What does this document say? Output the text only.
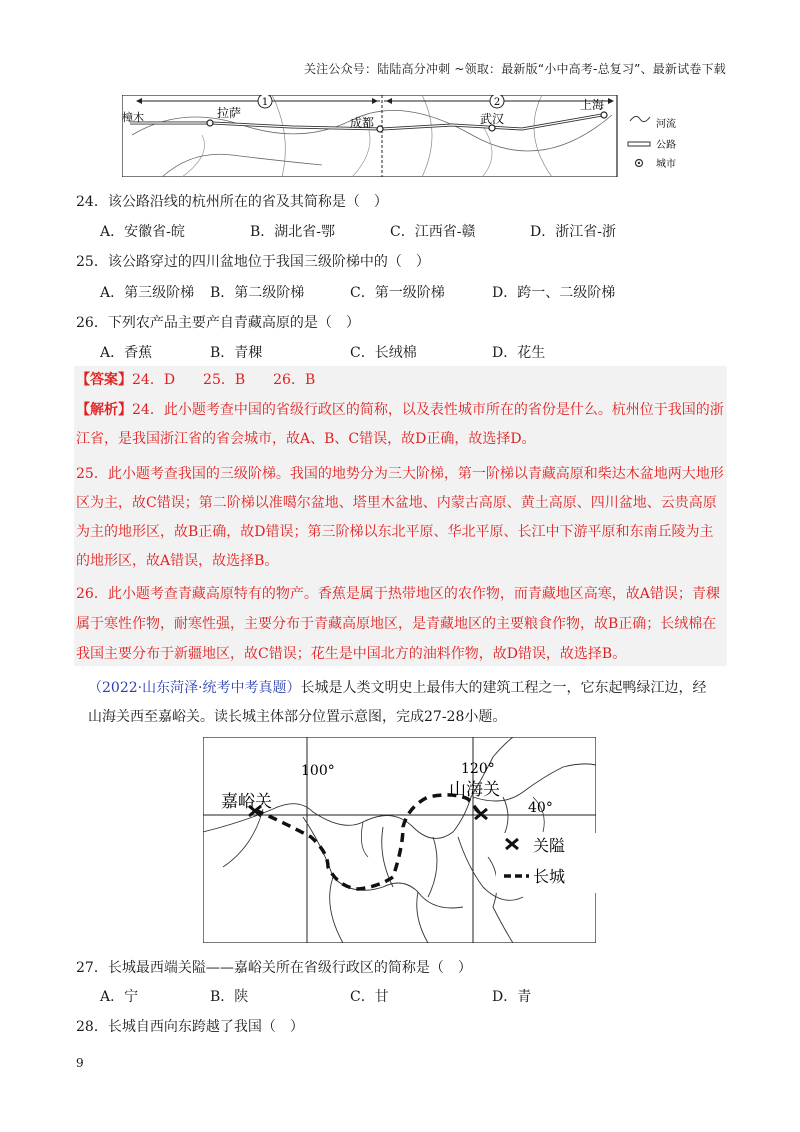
关注公众号：陆陆高分冲刺 ~领取：最新版“小中高考-总复习”、最新试卷下载
1	2
樟木	拉萨
成都	武汉
上海
河流
公路
城市
24．该公路沿线的杭州所在的省及其简称是（　）
A．安徽省-皖	B．湖北省-鄂	C．江西省-赣	D．浙江省-浙
25．该公路穿过的四川盆地位于我国三级阶梯中的（　）
A．第三级阶梯 B．第二级阶梯	C．第一级阶梯	D．跨一、二级阶梯
26．下列农产品主要产自青藏高原的是（　）
A．香蕉	B．青稞	C．长绒棉	D．花生
【答案】24．D　　25．B　　26．B
【解析】24．此小题考查中国的省级行政区的简称，以及表性城市所在的省份是什么。杭州位于我国的浙
江省，是我国浙江省的省会城市，故A、B、C错误，故D正确，故选择D。
25．此小题考查我国的三级阶梯。我国的地势分为三大阶梯，第一阶梯以青藏高原和柴达木盆地两大地形
区为主，故C错误；第二阶梯以准噶尔盆地、塔里木盆地、内蒙古高原、黄土高原、四川盆地、云贵高原
为主的地形区，故B正确，故D错误；第三阶梯以东北平原、华北平原、长江中下游平原和东南丘陵为主
的地形区，故A错误，故选择B。
26．此小题考查青藏高原特有的物产。香蕉是属于热带地区的农作物，而青藏地区高寒，故A错误；青稞
属于寒性作物，耐寒性强，主要分布于青藏高原地区，是青藏地区的主要粮食作物，故B正确；长绒棉在
我国主要分布于新疆地区，故C错误；花生是中国北方的油料作物，故D错误，故选择B。
（2022·山东菏泽·统考中考真题）长城是人类文明史上最伟大的建筑工程之一，它东起鸭绿江边，经
山海关西至嘉峪关。读长城主体部分位置示意图，完成27-28小题。
100°	120°
40°
嘉峪关
山海关
关隘
长城
27．长城最西端关隘——嘉峪关所在省级行政区的简称是（　）
A．宁	B．陕	C．甘	D．青
28．长城自西向东跨越了我国（　）
9
